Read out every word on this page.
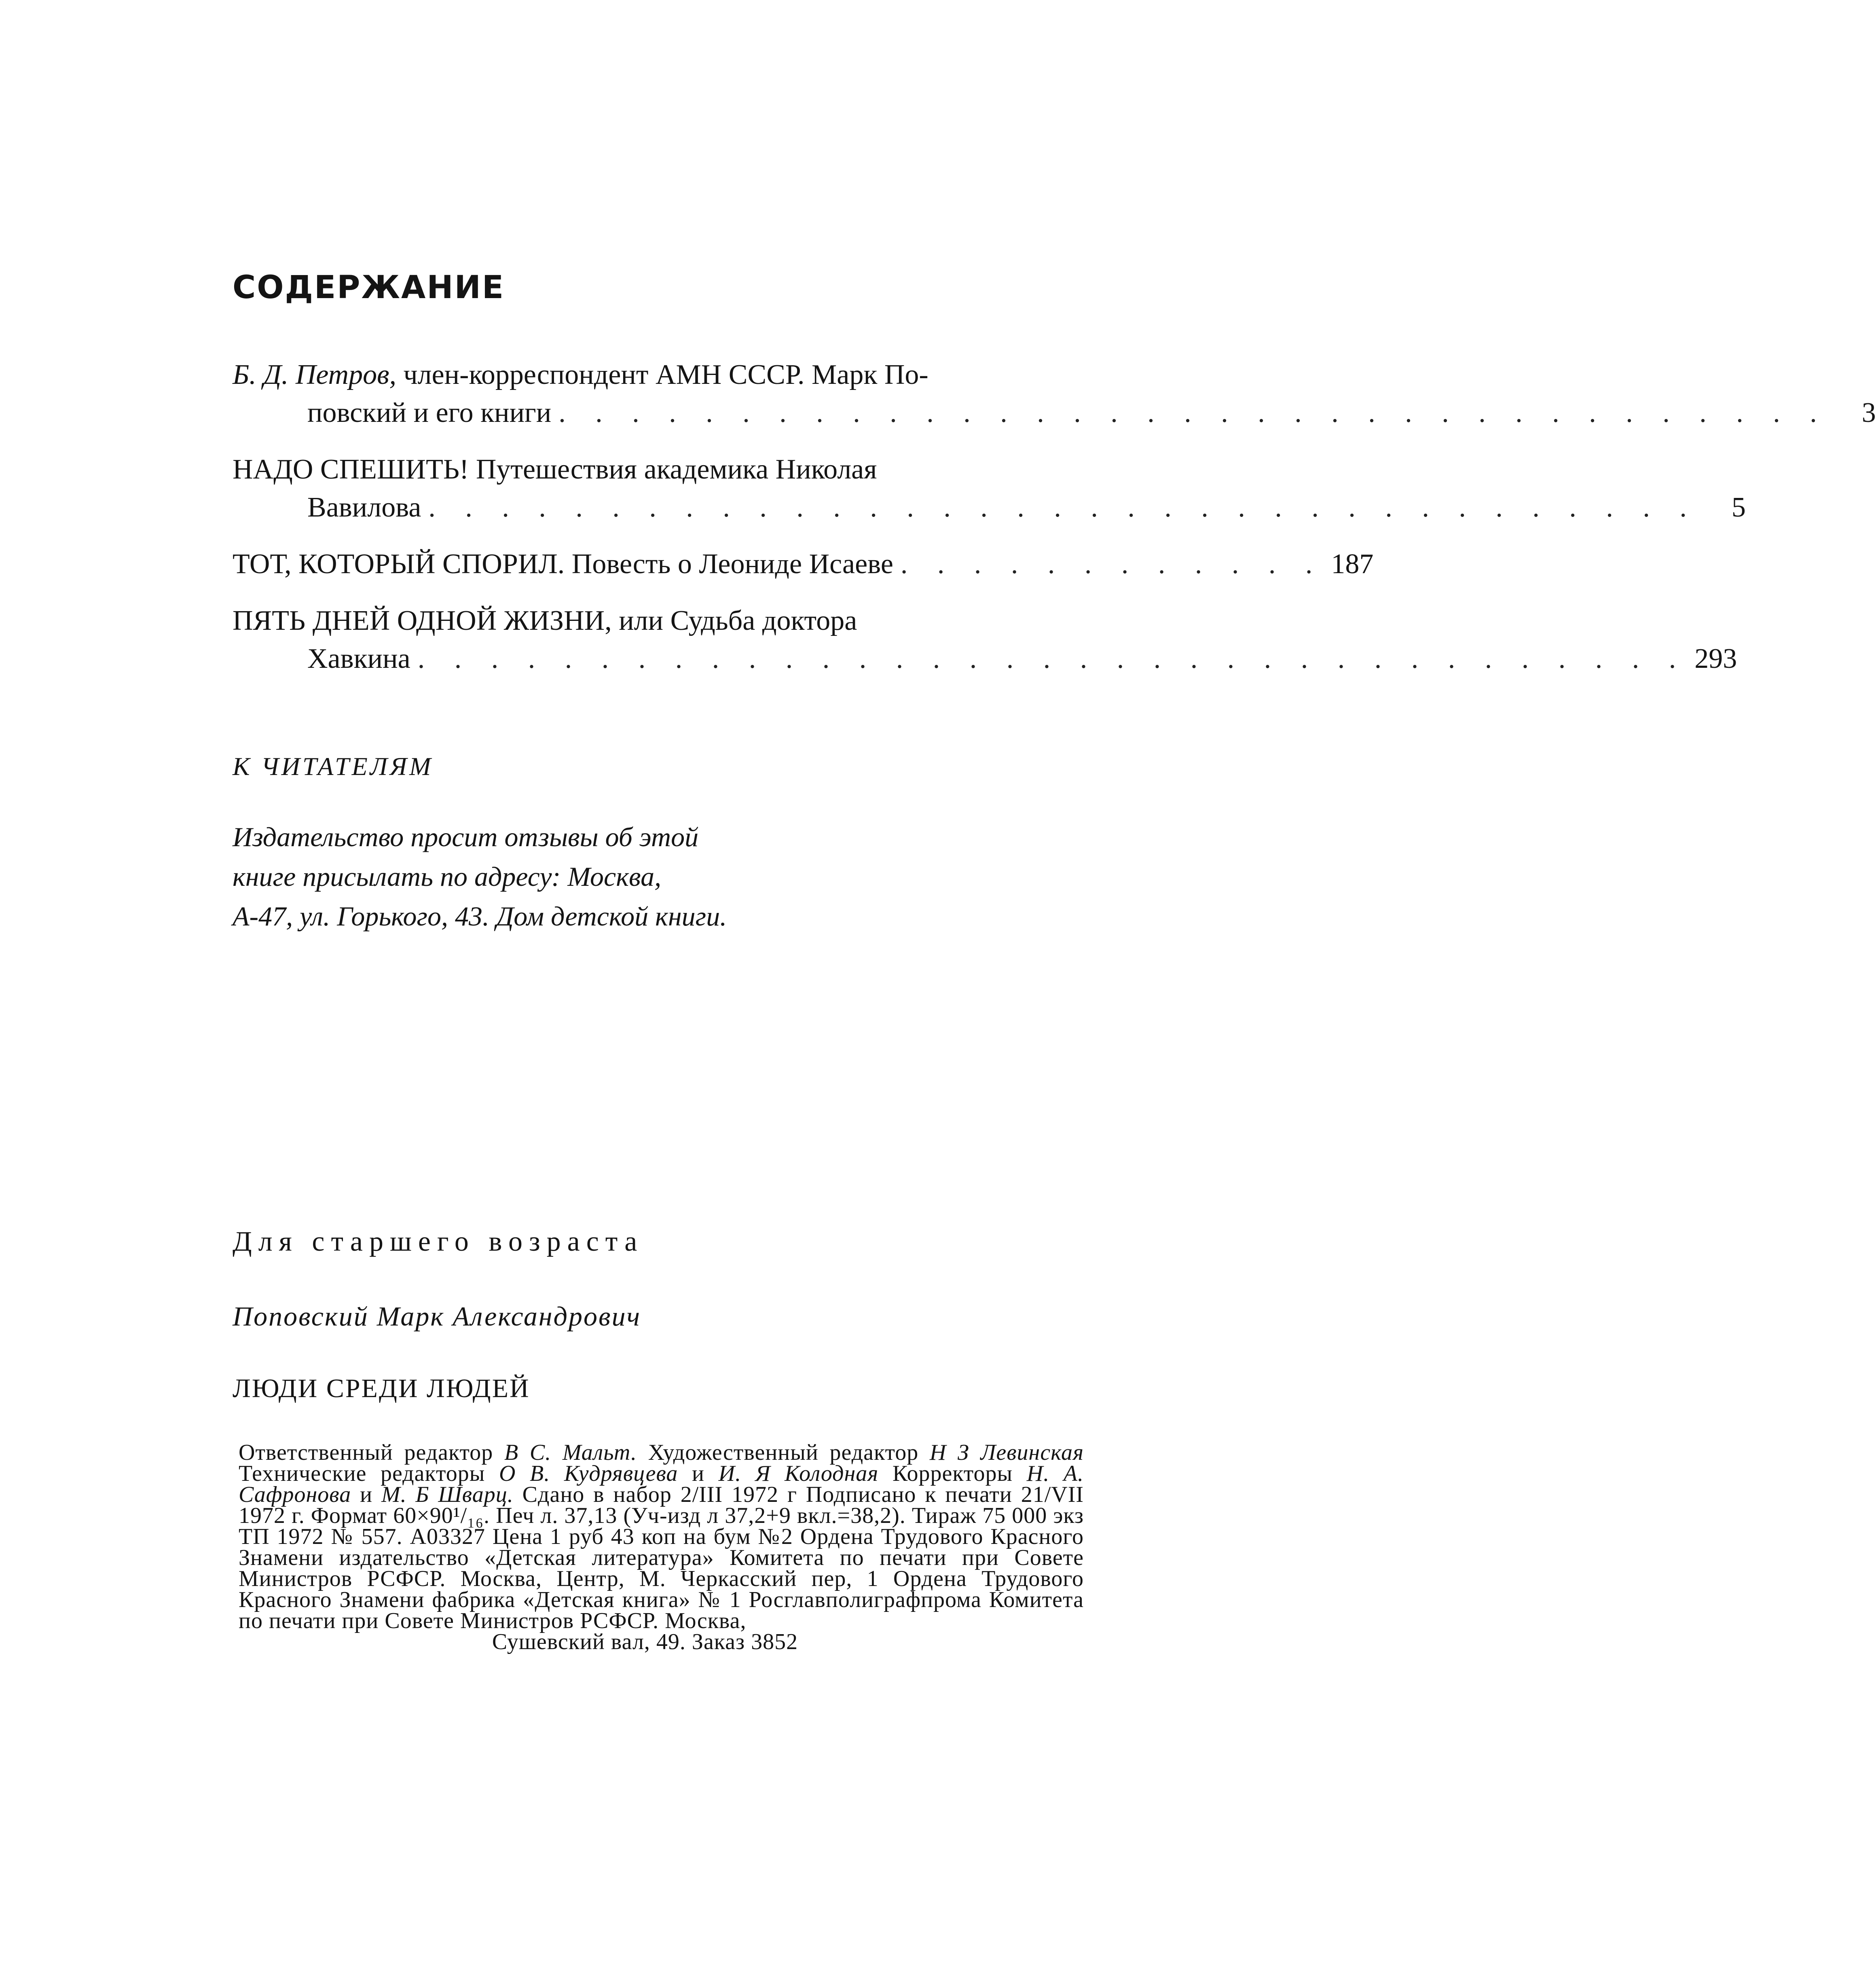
СОДЕРЖАНИЕ
Б. Д. Петров, член-корреспондент АМН СССР. Марк По-
повский и его книги . . . . . . . . . . . . . . . . . . . . . . . . . . . . . . . . . . .	3
НАДО СПЕШИТЬ! Путешествия академика Николая
Вавилова . . . . . . . . . . . . . . . . . . . . . . . . . . . . . . . . . . .	5
ТОТ, КОТОРЫЙ СПОРИЛ. Повесть о Леониде Исаеве . . . . . . . . . . . . 187
ПЯТЬ ДНЕЙ ОДНОЙ ЖИЗНИ, или Судьба доктора
Хавкина . . . . . . . . . . . . . . . . . . . . . . . . . . . . . . . . . . . 293
К ЧИТАТЕЛЯМ
Издательство просит отзывы об этой
книге присылать по адресу: Москва,
А-47, ул. Горького, 43. Дом детской книги.
Для старшего возраста
Поповский Марк Александрович
ЛЮДИ СРЕДИ ЛЮДЕЙ
Ответственный редактор В С. Мальт. Художественный редактор Н З Левинская Технические редакторы О В. Кудрявцева и И. Я Колодная Корректоры Н. А. Сафронова и М. Б Шварц. Сдано в набор 2/III 1972 г Подписано к печати 21/VII 1972 г. Формат 60×90¹/₁₆. Печ л. 37,13 (Уч-изд л 37,2+9 вкл.=38,2). Тираж 75 000 экз ТП 1972 № 557. А03327 Цена 1 руб 43 коп на бум №2 Ордена Трудового Красного Знамени издательство «Детская литература» Комитета по печати при Совете Министров РСФСР. Москва, Центр, М. Черкасский пер, 1 Ордена Трудового Красного Знамени фабрика «Детская книга» № 1 Росглавполиграфпрома Комитета по печати при Совете Министров РСФСР. Москва,
Сушевский вал, 49. Заказ 3852
